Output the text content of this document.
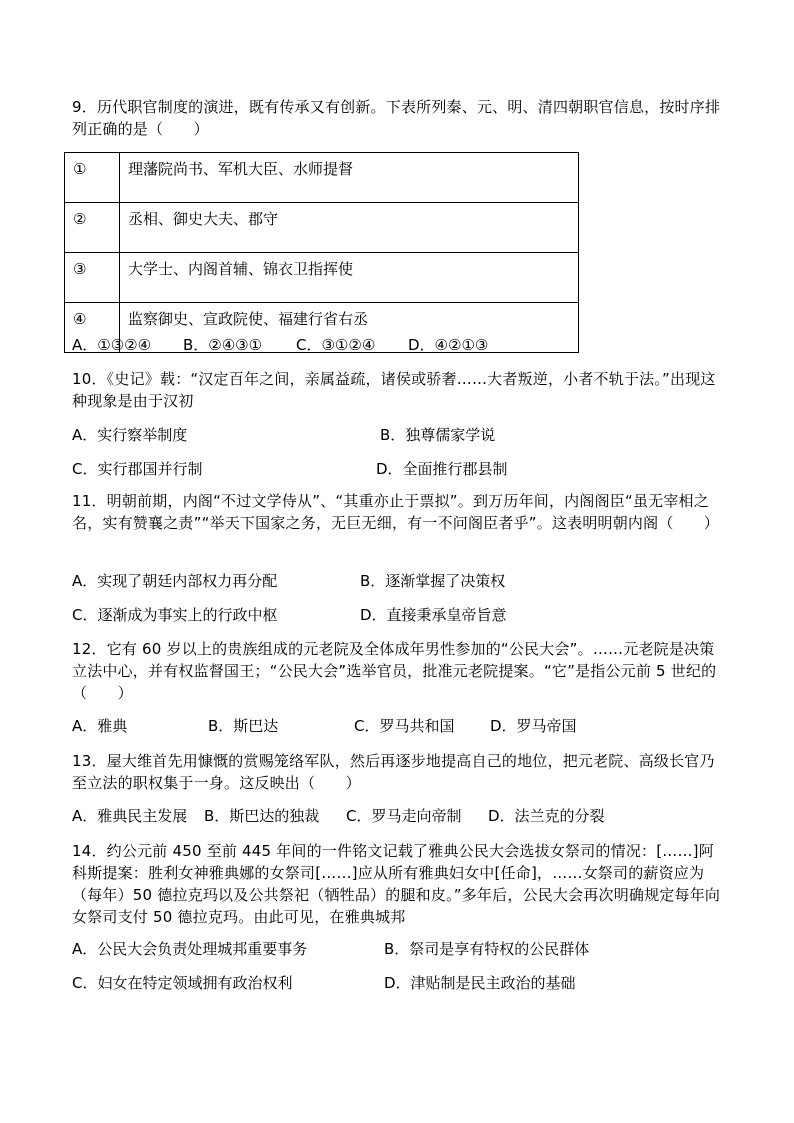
9．历代职官制度的演进，既有传承又有创新。下表所列秦、元、明、清四朝职官信息，按时序排列正确的是（　　）
①	理藩院尚书、军机大臣、水师提督
②	丞相、御史大夫、郡守
③	大学士、内阁首辅、锦衣卫指挥使
④	监察御史、宣政院使、福建行省右丞
A．①③②④ B．②④③① C．③①②④ D．④②①③
10．《史记》载：“汉定百年之间，亲属益疏，诸侯或骄奢……大者叛逆，小者不轨于法。”出现这种现象是由于汉初
A．实行察举制度	B．独尊儒家学说
C．实行郡国并行制	D．全面推行郡县制
11．明朝前期，内阁“不过文学侍从”、“其重亦止于票拟”。到万历年间，内阁阁臣“虽无宰相之名，实有赞襄之责”“举天下国家之务，无巨无细，有一不问阁臣者乎”。这表明明朝内阁（　　）
A．实现了朝廷内部权力再分配	B．逐渐掌握了决策权
C．逐渐成为事实上的行政中枢	D．直接秉承皇帝旨意
12．它有 60 岁以上的贵族组成的元老院及全体成年男性参加的“公民大会”。……元老院是决策立法中心，并有权监督国王；“公民大会”选举官员，批准元老院提案。“它”是指公元前 5 世纪的（　　）
A．雅典	B．斯巴达	C．罗马共和国 D．罗马帝国
13．屋大维首先用慷慨的赏赐笼络军队，然后再逐步地提高自己的地位，把元老院、高级长官乃至立法的职权集于一身。这反映出（　　）
A．雅典民主发展 B．斯巴达的独裁 C．罗马走向帝制 D．法兰克的分裂
14．约公元前 450 至前 445 年间的一件铭文记载了雅典公民大会选拔女祭司的情况：[……]阿科斯提案：胜利女神雅典娜的女祭司[……]应从所有雅典妇女中[任命]，……女祭司的薪资应为（每年）50 德拉克玛以及公共祭祀（牺牲品）的腿和皮。”多年后，公民大会再次明确规定每年向女祭司支付 50 德拉克玛。由此可见，在雅典城邦
A．公民大会负责处理城邦重要事务	B．祭司是享有特权的公民群体
C．妇女在特定领域拥有政治权利	D．津贴制是民主政治的基础
